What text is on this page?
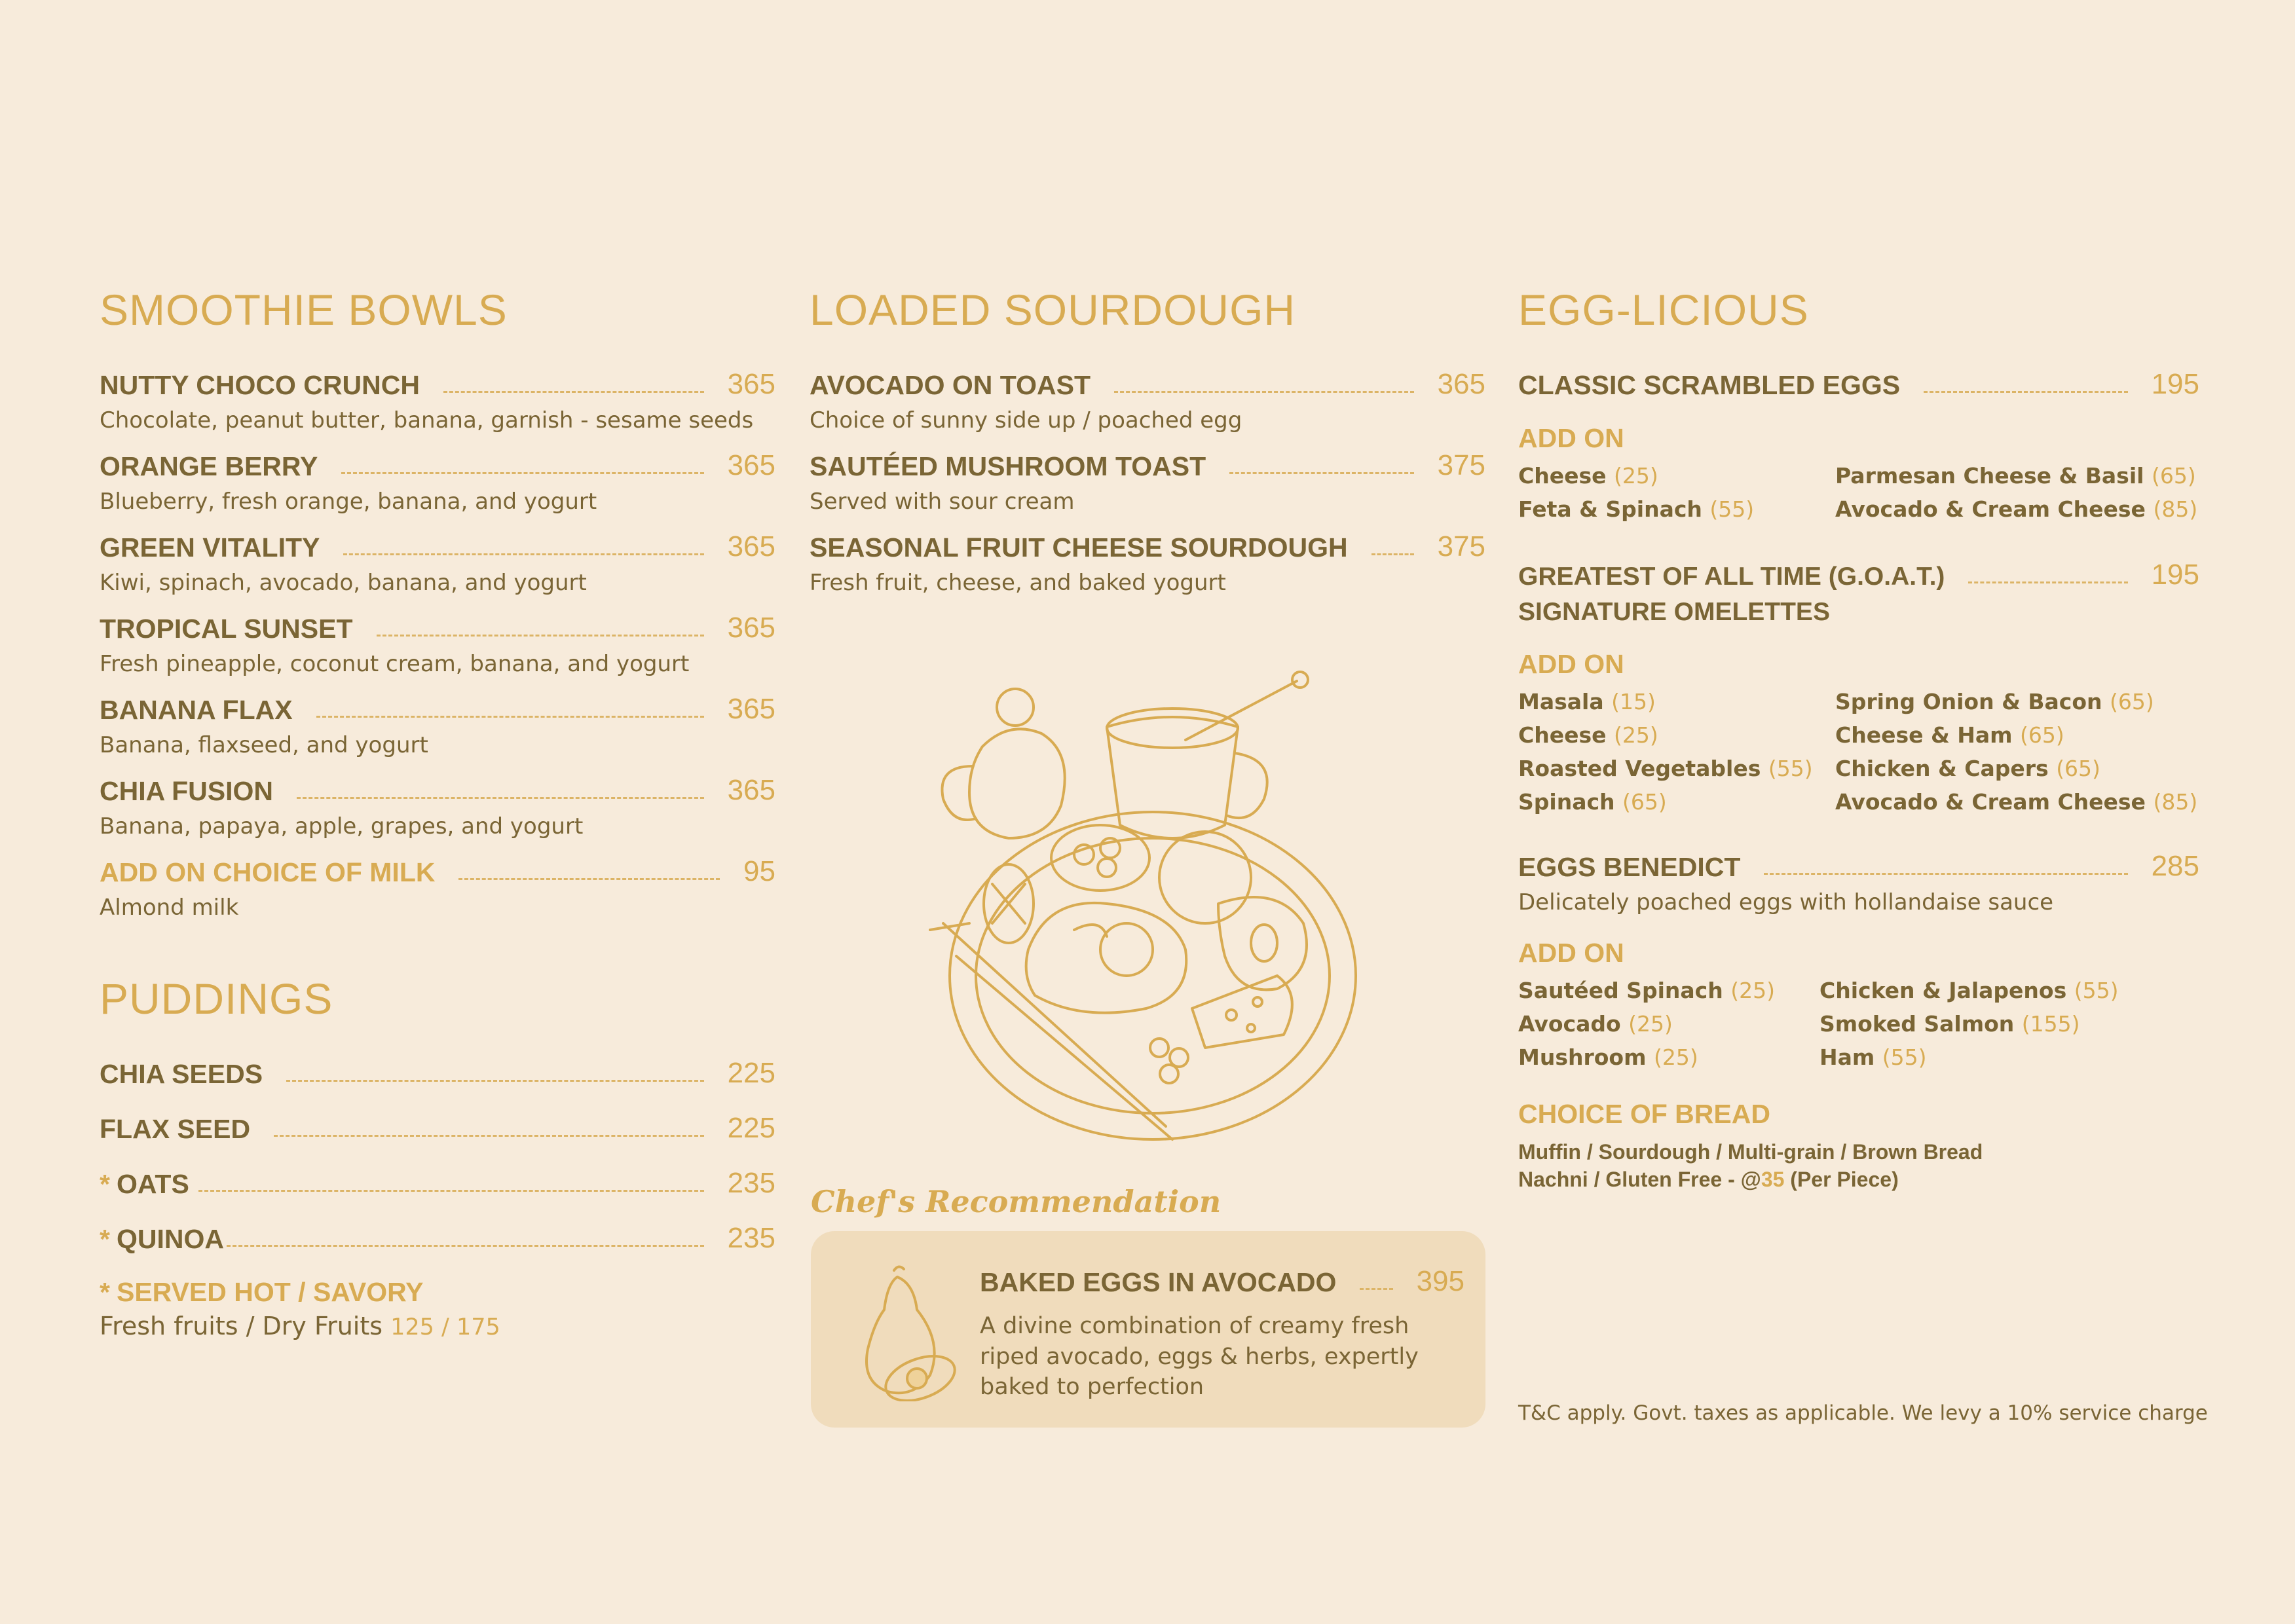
SMOOTHIE BOWLS
NUTTY CHOCO CRUNCH	365
Chocolate, peanut butter, banana, garnish - sesame seeds
ORANGE BERRY	365
Blueberry, fresh orange, banana, and yogurt
GREEN VITALITY	365
Kiwi, spinach, avocado, banana, and yogurt
TROPICAL SUNSET	365
Fresh pineapple, coconut cream, banana, and yogurt
BANANA FLAX	365
Banana, flaxseed, and yogurt
CHIA FUSION	365
Banana, papaya, apple, grapes, and yogurt
ADD ON CHOICE OF MILK	95
Almond milk
PUDDINGS
CHIA SEEDS	225
FLAX SEED	225
* OATS	235
* QUINOA	235
* SERVED HOT / SAVORY
Fresh fruits / Dry Fruits 125 / 175
LOADED SOURDOUGH
AVOCADO ON TOAST	365
Choice of sunny side up / poached egg
SAUTÉED MUSHROOM TOAST	375
Served with sour cream
SEASONAL FRUIT CHEESE SOURDOUGH	375
Fresh fruit, cheese, and baked yogurt
Chef's Recommendation
BAKED EGGS IN AVOCADO	395
A divine combination of creamy fresh riped avocado, eggs & herbs, expertly baked to perfection
EGG-LICIOUS
CLASSIC SCRAMBLED EGGS	195
ADD ON
Cheese (25)	Parmesan Cheese & Basil (65)
Feta & Spinach (55)	Avocado & Cream Cheese (85)
GREATEST OF ALL TIME (G.O.A.T.)	195
SIGNATURE OMELETTES
ADD ON
Masala (15)	Spring Onion & Bacon (65)
Cheese (25)	Cheese & Ham (65)
Roasted Vegetables (55)	Chicken & Capers (65)
Spinach (65)	Avocado & Cream Cheese (85)
EGGS BENEDICT	285
Delicately poached eggs with hollandaise sauce
ADD ON
Sautéed Spinach (25)	Chicken & Jalapenos (55)
Avocado (25)	Smoked Salmon (155)
Mushroom (25)	Ham (55)
CHOICE OF BREAD
Muffin / Sourdough / Multi-grain / Brown Bread
Nachni / Gluten Free - @35 (Per Piece)
T&C apply. Govt. taxes as applicable. We levy a 10% service charge
